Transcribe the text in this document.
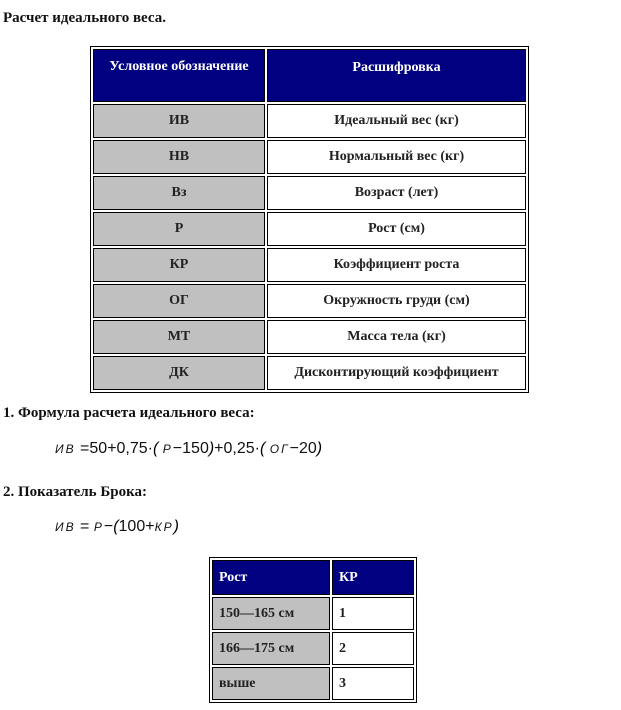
Расчет идеального веса.
Условное обозначение	Расшифровка
ИВ	Идеальный вес (кг)
НВ	Нормальный вес (кг)
Вз	Возраст (лет)
Р	Рост (см)
КР	Коэффициент роста
ОГ	Окружность груди (см)
МТ	Масса тела (кг)
ДК	Дисконтирующий коэффициент
1. Формула расчета идеального веса:
ИВ =50+0,75·( Р−150)+0,25·( ОГ−20)
2. Показатель Брока:
ИВ = Р−(100+КР)
Рост	КР
150—165 см	1
166—175 см	2
выше	3
